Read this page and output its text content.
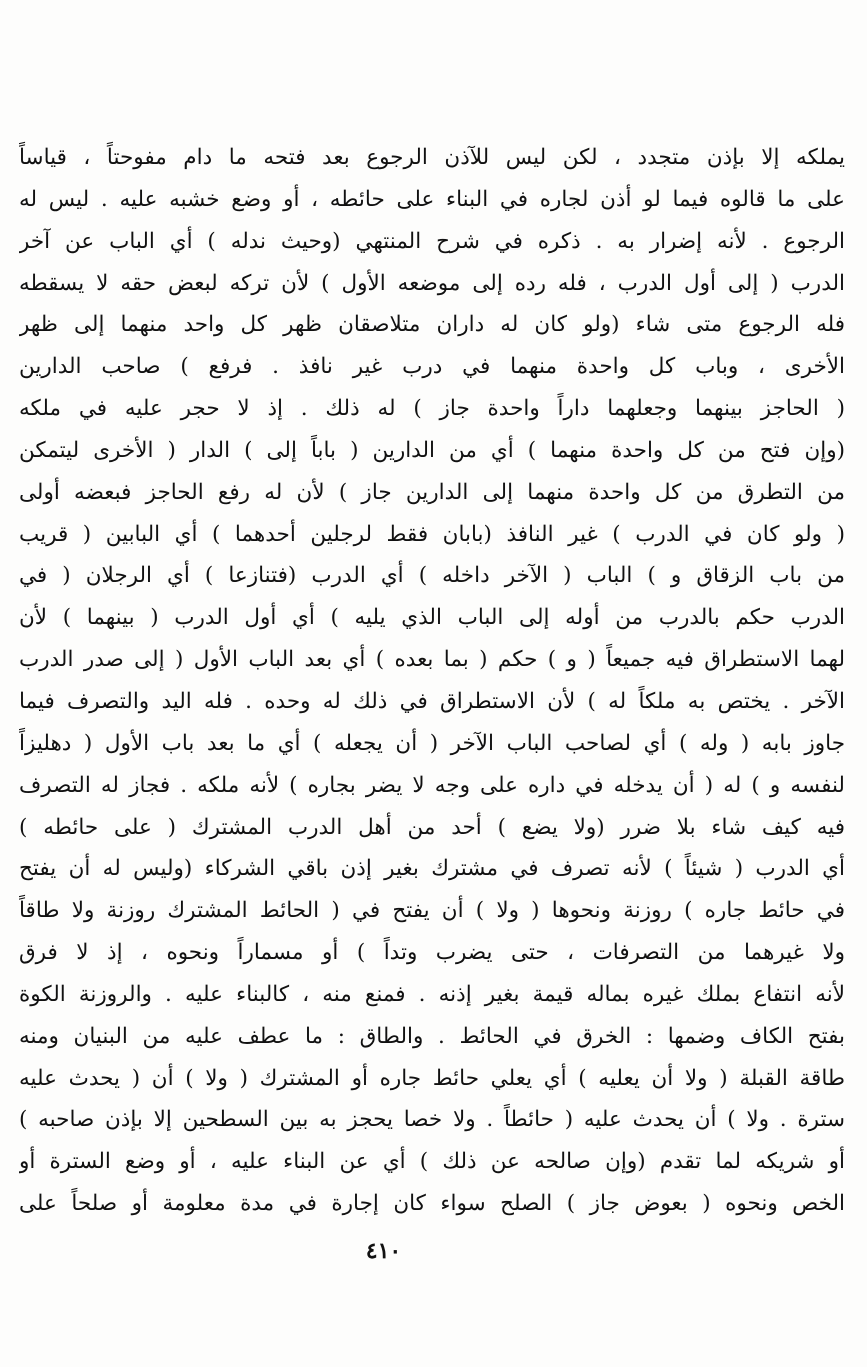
يملكه إلا بإذن متجدد ، لكن ليس للآذن الرجوع بعد فتحه ما دام مفوحتاً ، قياساً
على ما قالوه فيما لو أذن لجاره في البناء على حائطه ، أو وضع خشبه عليه . ليس له
الرجوع . لأنه إضرار به . ذكره في شرح المنتهي (وحيث ندله ) أي الباب عن آخر
الدرب ( إلى أول الدرب ، فله رده إلى موضعه الأول ) لأن تركه لبعض حقه لا يسقطه
فله الرجوع متى شاء (ولو كان له داران متلاصقان ظهر كل واحد منهما إلى ظهر
الأخرى ، وباب كل واحدة منهما في درب غير نافذ . فرفع ) صاحب الدارين
( الحاجز بينهما وجعلهما داراً واحدة جاز ) له ذلك . إذ لا حجر عليه في ملكه
(وإن فتح من كل واحدة منهما ) أي من الدارين ( باباً إلى ) الدار ( الأخرى ليتمكن
من التطرق من كل واحدة منهما إلى الدارين جاز ) لأن له رفع الحاجز فبعضه أولى
( ولو كان في الدرب ) غير النافذ (بابان فقط لرجلين أحدهما ) أي البابين ( قريب
من باب الزقاق و ) الباب ( الآخر داخله ) أي الدرب (فتنازعا ) أي الرجلان ( في
الدرب حكم بالدرب من أوله إلى الباب الذي يليه ) أي أول الدرب ( بينهما ) لأن
لهما الاستطراق فيه جميعاً ( و ) حكم ( بما بعده ) أي بعد الباب الأول ( إلى صدر الدرب
الآخر . يختص به ملكاً له ) لأن الاستطراق في ذلك له وحده . فله اليد والتصرف فيما
جاوز بابه ( وله ) أي لصاحب الباب الآخر ( أن يجعله ) أي ما بعد باب الأول ( دهليزاً
لنفسه و ) له ( أن يدخله في داره على وجه لا يضر بجاره ) لأنه ملكه . فجاز له التصرف
فيه كيف شاء بلا ضرر (ولا يضع ) أحد من أهل الدرب المشترك ( على حائطه )
أي الدرب ( شيئاً ) لأنه تصرف في مشترك بغير إذن باقي الشركاء (وليس له أن يفتح
في حائط جاره ) روزنة ونحوها ( ولا ) أن يفتح في ( الحائط المشترك روزنة ولا طاقاً
ولا غيرهما من التصرفات ، حتى يضرب وتداً ) أو مسماراً ونحوه ، إذ لا فرق
لأنه انتفاع بملك غيره بماله قيمة بغير إذنه . فمنع منه ، كالبناء عليه . والروزنة الكوة
بفتح الكاف وضمها : الخرق في الحائط . والطاق : ما عطف عليه من البنيان ومنه
طاقة القبلة ( ولا أن يعليه ) أي يعلي حائط جاره أو المشترك ( ولا ) أن ( يحدث عليه
سترة . ولا ) أن يحدث عليه ( حائطاً . ولا خصا يحجز به بين السطحين إلا بإذن صاحبه )
أو شريكه لما تقدم (وإن صالحه عن ذلك ) أي عن البناء عليه ، أو وضع السترة أو
الخص ونحوه ( بعوض جاز ) الصلح سواء كان إجارة في مدة معلومة أو صلحاً على
٤١٠
